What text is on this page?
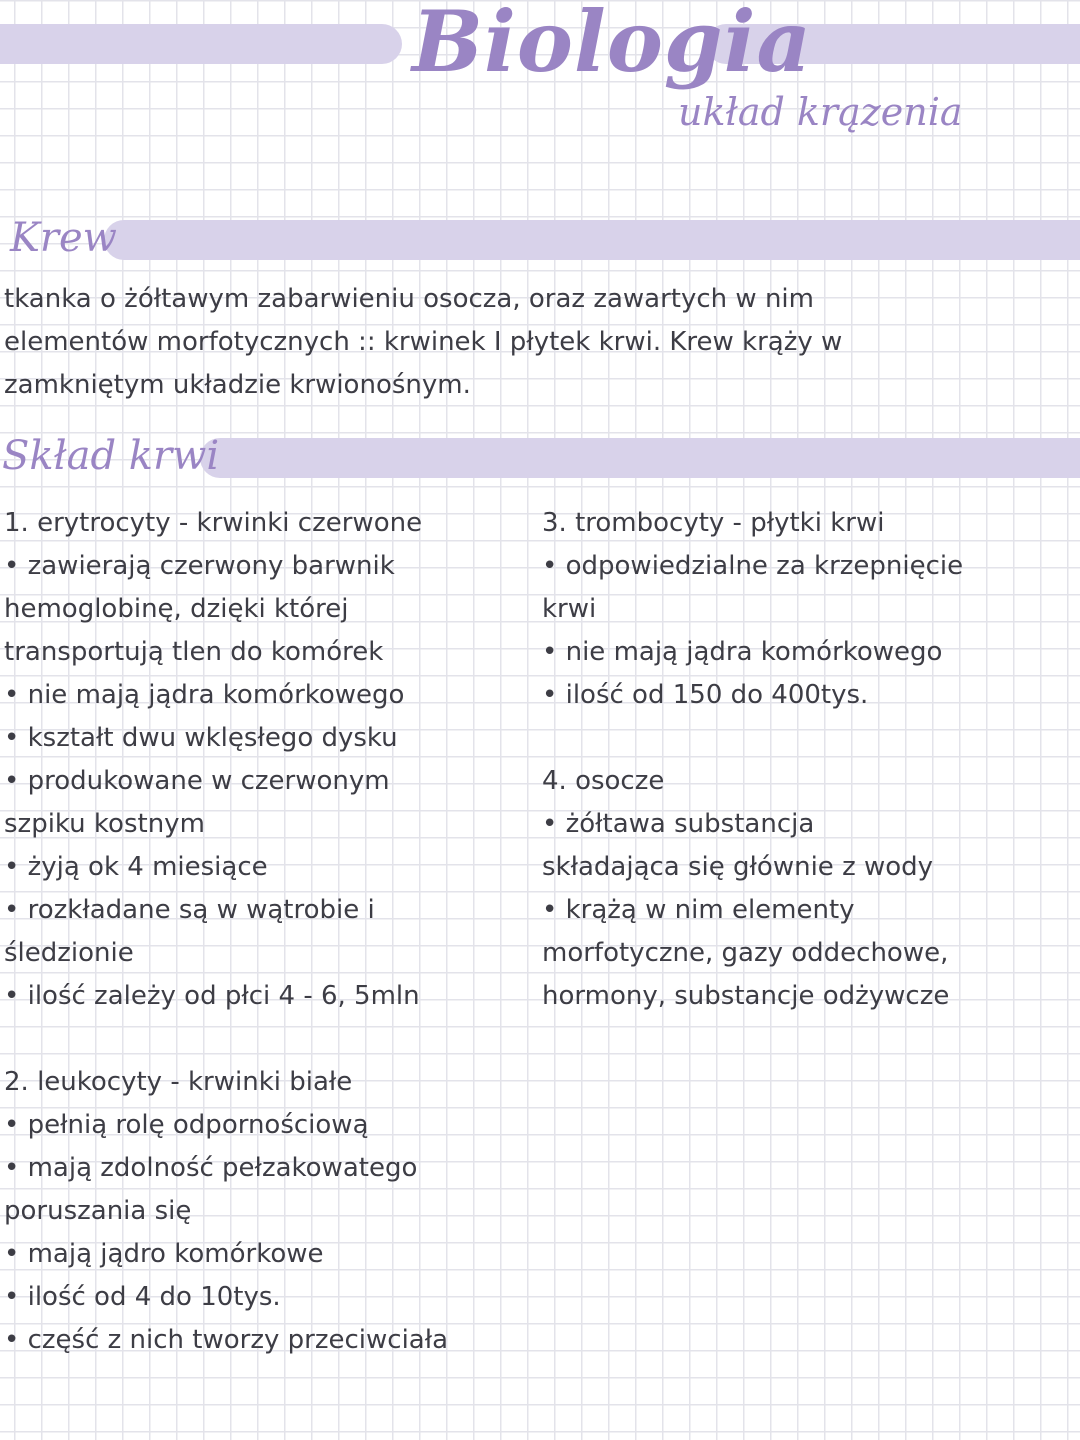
Biologia
układ krązenia
Krew
tkanka o żółtawym zabarwieniu osocza, oraz zawartych w nim
elementów morfotycznych :: krwinek I płytek krwi. Krew krąży w
zamkniętym układzie krwionośnym.
Skład krwi
1. erytrocyty - krwinki czerwone
• zawierają czerwony barwnik
hemoglobinę, dzięki której
transportują tlen do komórek
• nie mają jądra komórkowego
• kształt dwu wklęsłego dysku
• produkowane w czerwonym
szpiku kostnym
• żyją ok 4 miesiące
• rozkładane są w wątrobie i
śledzionie
• ilość zależy od płci 4 - 6, 5mln
2. leukocyty - krwinki białe
• pełnią rolę odpornościową
• mają zdolność pełzakowatego
poruszania się
• mają jądro komórkowe
• ilość od 4 do 10tys.
• część z nich tworzy przeciwciała
3. trombocyty - płytki krwi
• odpowiedzialne za krzepnięcie
krwi
• nie mają jądra komórkowego
• ilość od 150 do 400tys.
4. osocze
• żółtawa substancja
składająca się głównie z wody
• krążą w nim elementy
morfotyczne, gazy oddechowe,
hormony, substancje odżywcze
